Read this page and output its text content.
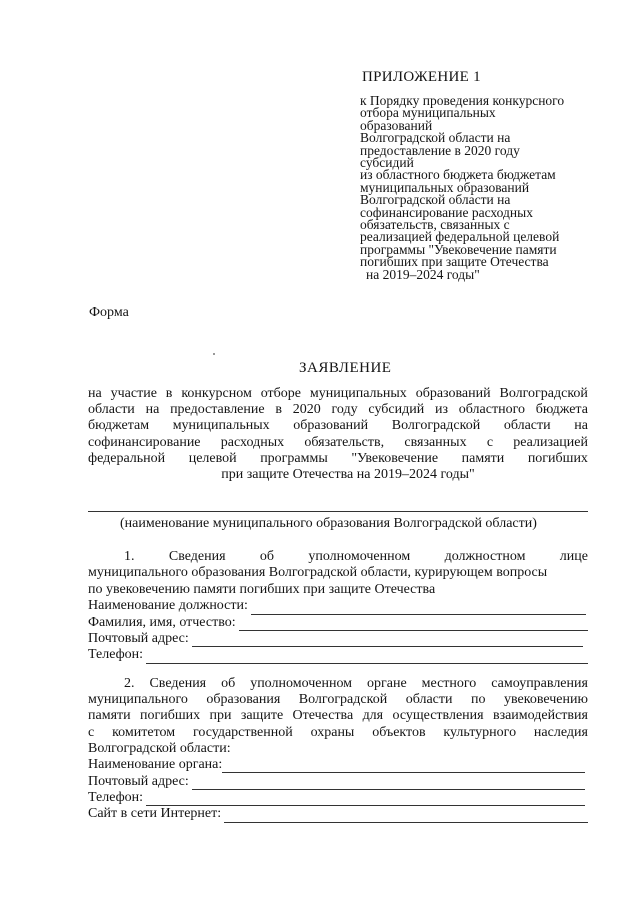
ПРИЛОЖЕНИЕ 1
к Порядку проведения конкурсного
отбора муниципальных
образований
Волгоградской области на
предоставление в 2020 году
субсидий
из областного бюджета бюджетам
муниципальных образований
Волгоградской области на
софинансирование расходных
обязательств, связанных с
реализацией федеральной целевой
программы "Увековечение памяти
погибших при защите Отечества
на 2019–2024 годы"
Форма
ЗАЯВЛЕНИЕ
на участие в конкурсном отборе муниципальных образований Волгоградской
области на предоставление в 2020 году субсидий из областного бюджета
бюджетам муниципальных образований Волгоградской области на
софинансирование расходных обязательств, связанных с реализацией
федеральной целевой программы "Увековечение памяти погибших
при защите Отечества на 2019–2024 годы"
(наименование муниципального образования Волгоградской области)
1. Сведения об уполномоченном должностном лице
муниципального образования Волгоградской области, курирующем вопросы
по увековечению памяти погибших при защите Отечества
Наименование должности:
Фамилия, имя, отчество:
Почтовый адрес:
Телефон:
2. Сведения об уполномоченном органе местного самоуправления
муниципального образования Волгоградской области по увековечению
памяти погибших при защите Отечества для осуществления взаимодействия
с комитетом государственной охраны объектов культурного наследия
Волгоградской области:
Наименование органа:
Почтовый адрес:
Телефон:
Сайт в сети Интернет:
